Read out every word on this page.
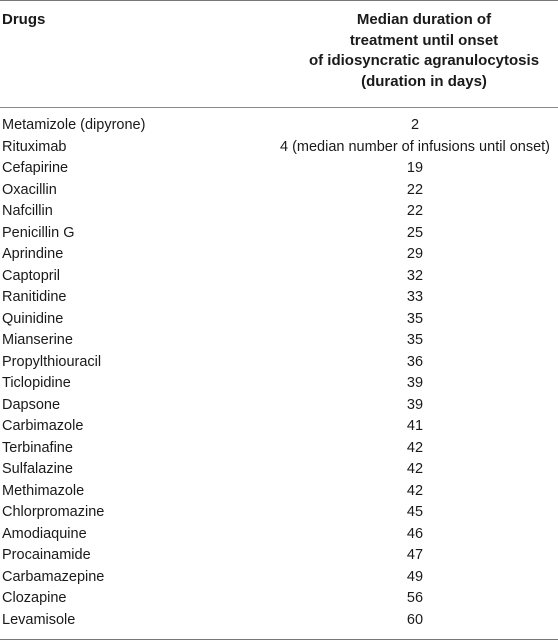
Drugs	Median duration of
treatment until onset
of idiosyncratic agranulocytosis
(duration in days)
Metamizole (dipyrone)	2
Rituximab	4 (median number of infusions until onset)
Cefapirine	19
Oxacillin	22
Nafcillin	22
Penicillin G	25
Aprindine	29
Captopril	32
Ranitidine	33
Quinidine	35
Mianserine	35
Propylthiouracil	36
Ticlopidine	39
Dapsone	39
Carbimazole	41
Terbinafine	42
Sulfalazine	42
Methimazole	42
Chlorpromazine	45
Amodiaquine	46
Procainamide	47
Carbamazepine	49
Clozapine	56
Levamisole	60
